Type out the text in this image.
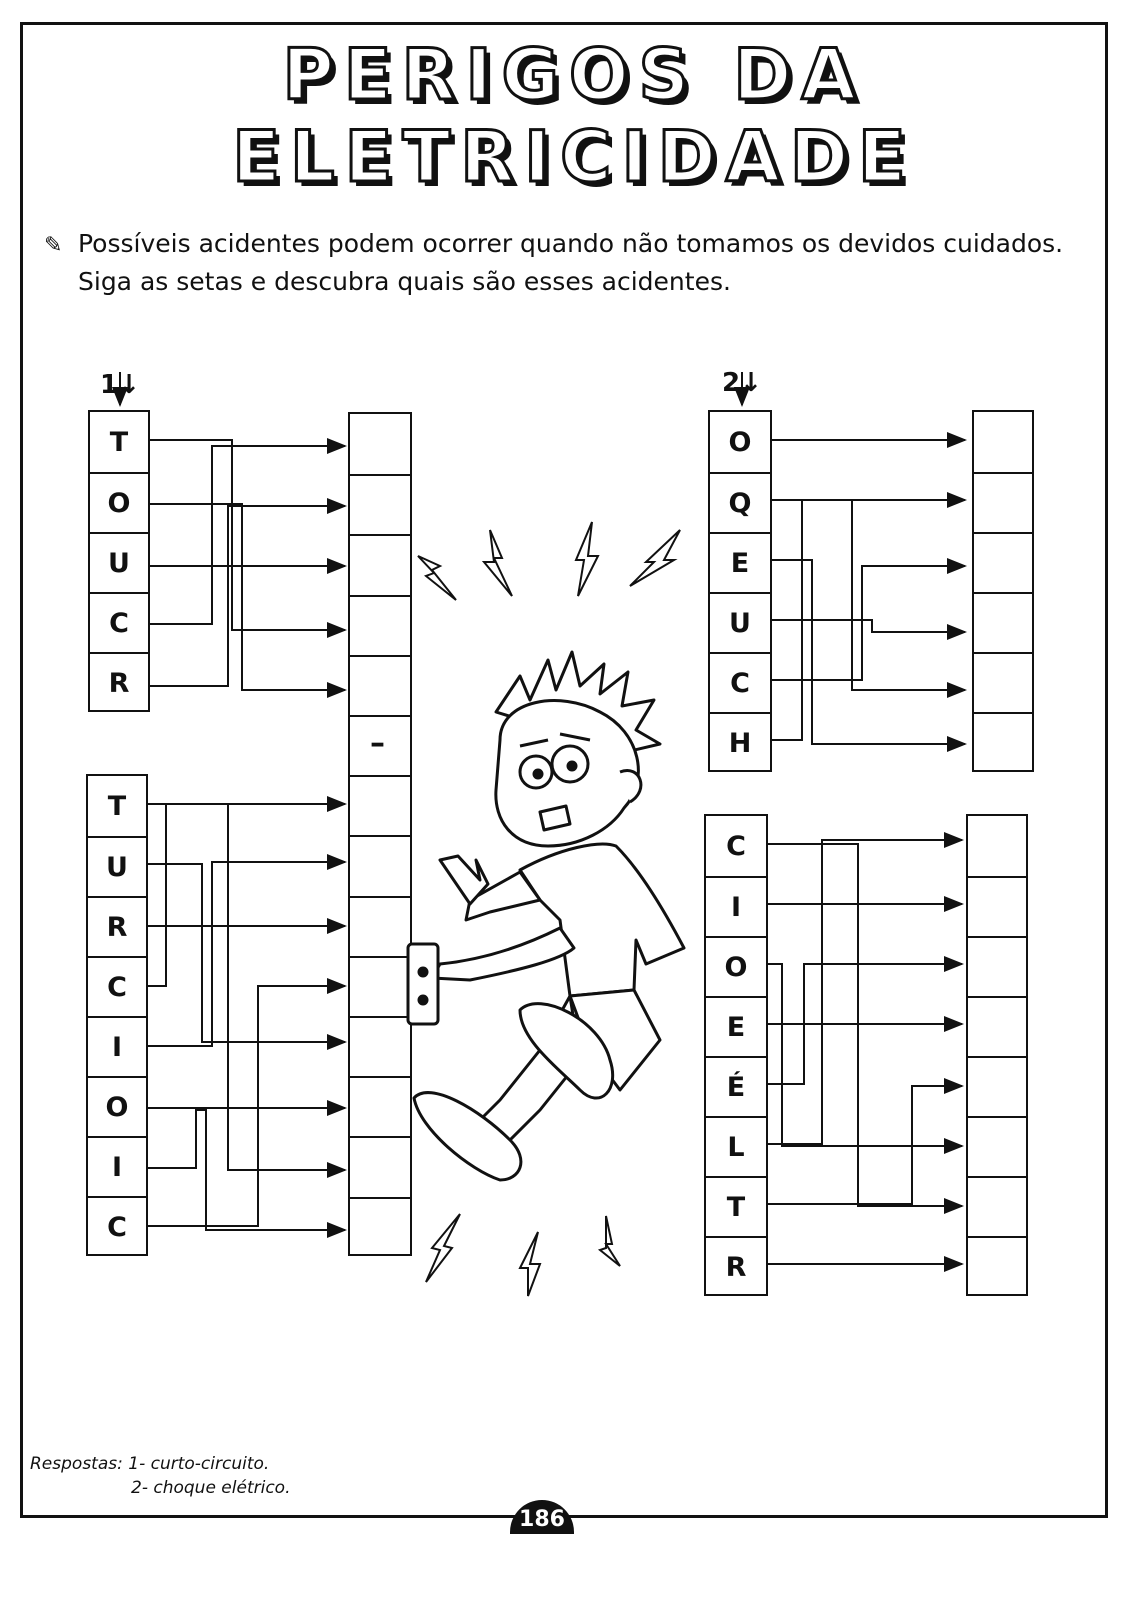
PERIGOS DA
ELETRICIDADE
✎ Possíveis acidentes podem ocorrer quando não tomamos os devidos cuidados.
Siga as setas e descubra quais são esses acidentes.
1↓
T
O
U
C
R
T
U
R
C
I
O
I
C
–
2↓
O
Q
E
U
C
H
C
I
O
E
É
L
T
R
Respostas: 1- curto-circuito.
2- choque elétrico.
186
